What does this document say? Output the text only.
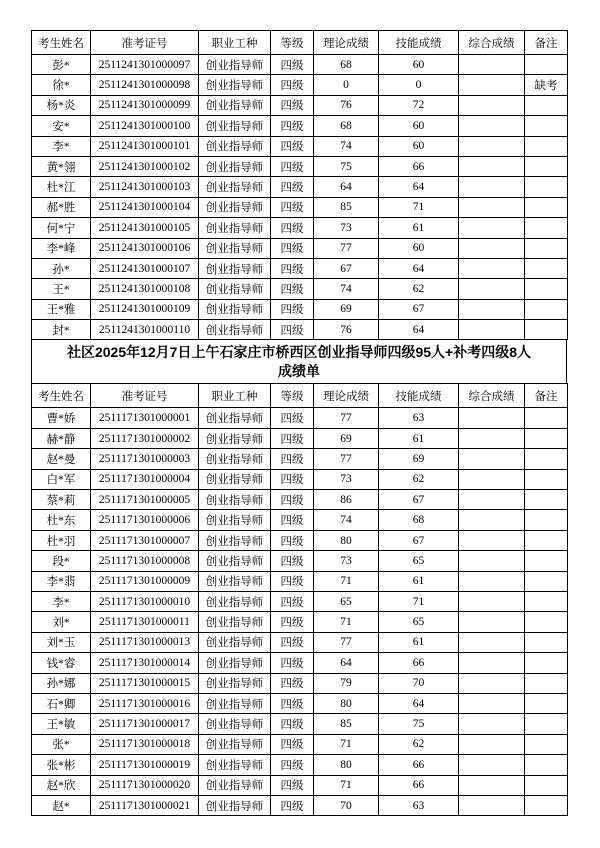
考生姓名	准考证号	职业工种	等级	理论成绩	技能成绩	综合成绩	备注
彭*	2511241301000097	创业指导师	四级	68	60		
徐*	2511241301000098	创业指导师	四级	0	0		缺考
杨*炎	2511241301000099	创业指导师	四级	76	72		
安*	2511241301000100	创业指导师	四级	68	60		
李*	2511241301000101	创业指导师	四级	74	60		
黄*翎	2511241301000102	创业指导师	四级	75	66		
杜*江	2511241301000103	创业指导师	四级	64	64		
郝*胜	2511241301000104	创业指导师	四级	85	71		
何*宁	2511241301000105	创业指导师	四级	73	61		
李*峰	2511241301000106	创业指导师	四级	77	60		
孙*	2511241301000107	创业指导师	四级	67	64		
王*	2511241301000108	创业指导师	四级	74	62		
王*雅	2511241301000109	创业指导师	四级	69	67		
封*	2511241301000110	创业指导师	四级	76	64		
社区2025年12月7日上午石家庄市桥西区创业指导师四级95人+补考四级8人
成绩单
考生姓名	准考证号	职业工种	等级	理论成绩	技能成绩	综合成绩	备注
曹*娇	2511171301000001	创业指导师	四级	77	63		
赫*静	2511171301000002	创业指导师	四级	69	61		
赵*曼	2511171301000003	创业指导师	四级	77	69		
白*军	2511171301000004	创业指导师	四级	73	62		
蔡*莉	2511171301000005	创业指导师	四级	86	67		
杜*东	2511171301000006	创业指导师	四级	74	68		
杜*羽	2511171301000007	创业指导师	四级	80	67		
段*	2511171301000008	创业指导师	四级	73	65		
李*翡	2511171301000009	创业指导师	四级	71	61		
李*	2511171301000010	创业指导师	四级	65	71		
刘*	2511171301000011	创业指导师	四级	71	65		
刘*玉	2511171301000013	创业指导师	四级	77	61		
钱*睿	2511171301000014	创业指导师	四级	64	66		
孙*娜	2511171301000015	创业指导师	四级	79	70		
石*卿	2511171301000016	创业指导师	四级	80	64		
王*敏	2511171301000017	创业指导师	四级	85	75		
张*	2511171301000018	创业指导师	四级	71	62		
张*彬	2511171301000019	创业指导师	四级	80	66		
赵*欣	2511171301000020	创业指导师	四级	71	66		
赵*	2511171301000021	创业指导师	四级	70	63		
